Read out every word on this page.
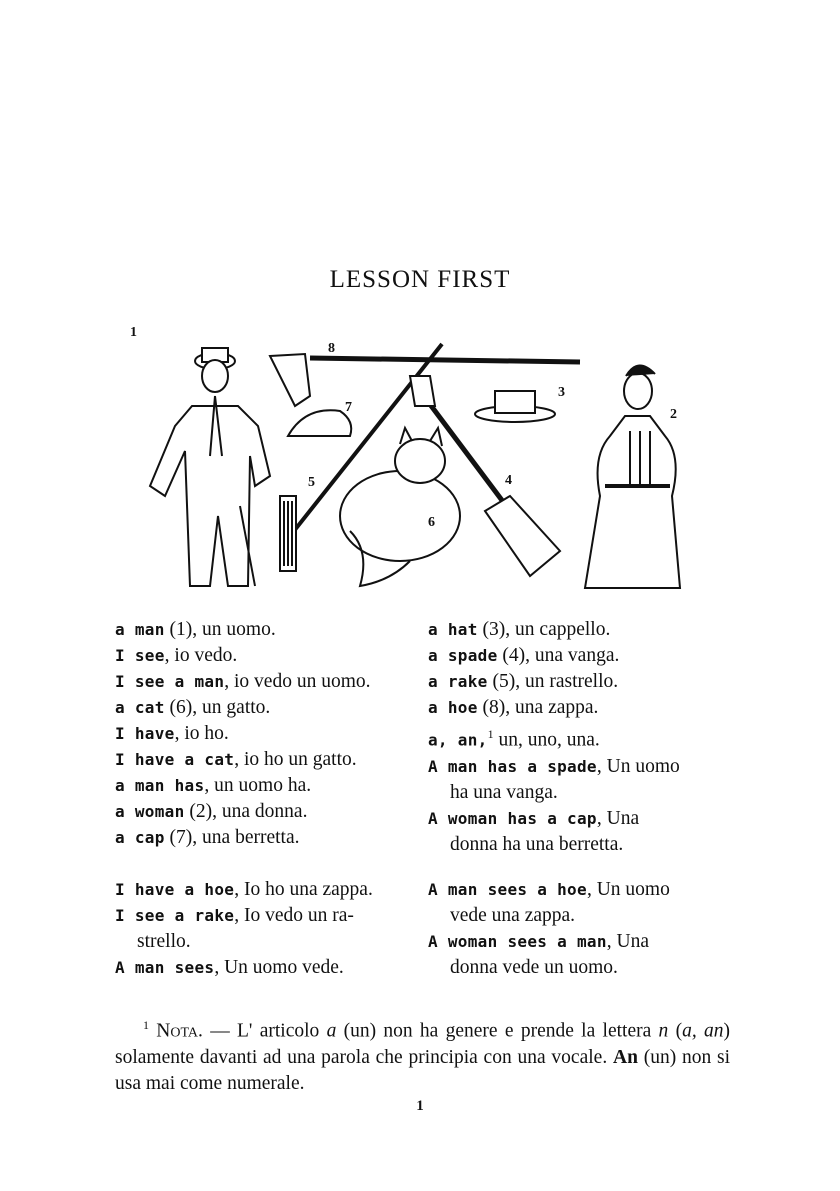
LESSON FIRST
1
2
3
4
5
6
7
8
a man (1), un uomo.
I see, io vedo.
I see a man, io vedo un uomo.
a cat (6), un gatto.
I have, io ho.
I have a cat, io ho un gatto.
a man has, un uomo ha.
a woman (2), una donna.
a cap (7), una berretta.
a hat (3), un cappello.
a spade (4), una vanga.
a rake (5), un rastrello.
a hoe (8), una zappa.
a, an,$^1$ un, uno, una.
A man has a spade, Un uomo
ha una vanga.
A woman has a cap, Una
donna ha una berretta.
I have a hoe, Io ho una zappa.
I see a rake, Io vedo un ra-
strello.
A man sees, Un uomo vede.
A man sees a hoe, Un uomo
vede una zappa.
A woman sees a man, Una
donna vede un uomo.
$^1$ Nota. — L' articolo a (un) non ha genere e prende la lettera n (a, an) solamente davanti ad una parola che principia con una vocale. An (un) non si usa mai come numerale.
1
